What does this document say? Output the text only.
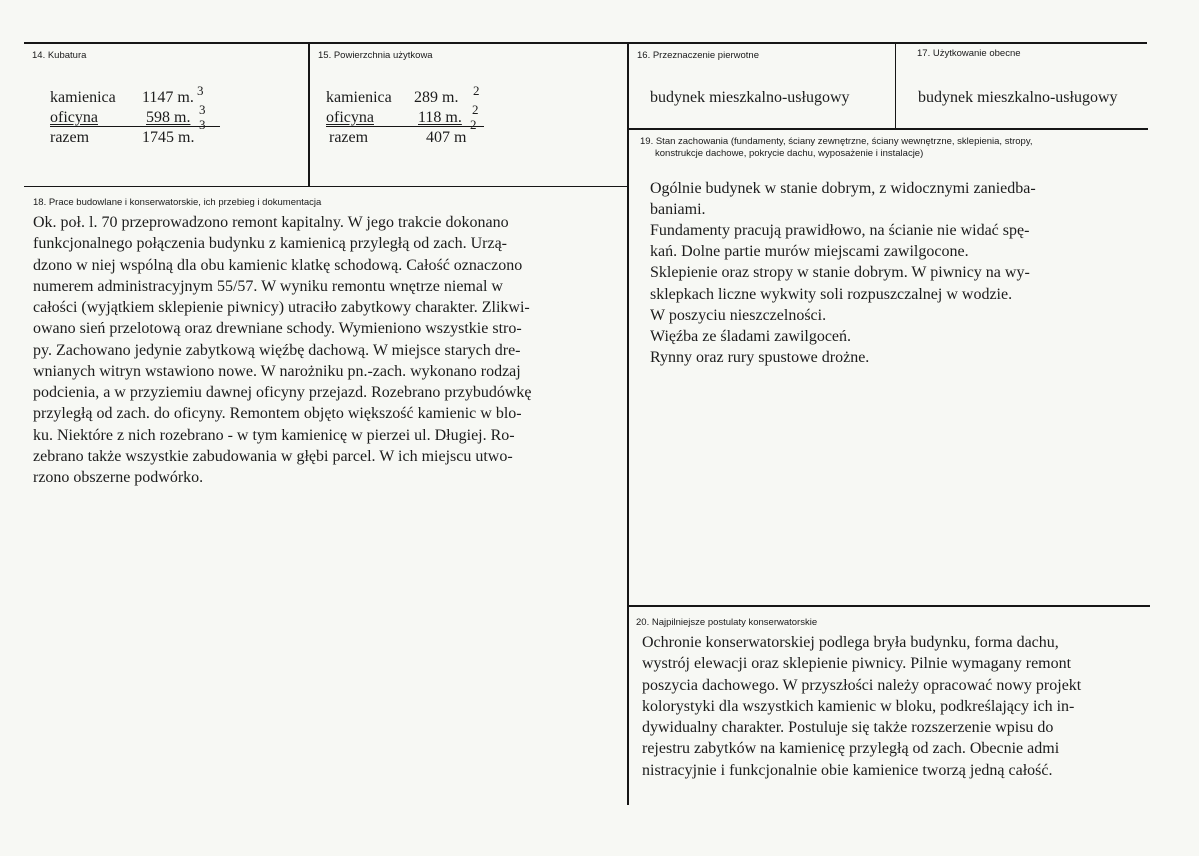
14. Kubatura
kamienica 1147 m. 3
oficyna	598 m. 3
razem	1745 m.
3
15. Powierzchnia użytkowa
kamienica 289 m. 2
oficyna	118 m. 2
razem	407 m
2
16. Przeznaczenie pierwotne
budynek mieszkalno-usługowy
17. Użytkowanie obecne
budynek mieszkalno-usługowy
18. Prace budowlane i konserwatorskie, ich przebieg i dokumentacja
Ok. poł. l. 70 przeprowadzono remont kapitalny. W jego trakcie dokonano
funkcjonalnego połączenia budynku z kamienicą przyległą od zach. Urzą-
dzono w niej wspólną dla obu kamienic klatkę schodową. Całość oznaczono
numerem administracyjnym 55/57. W wyniku remontu wnętrze niemal w
całości (wyjątkiem sklepienie piwnicy) utraciło zabytkowy charakter. Zlikwi-
owano sień przelotową oraz drewniane schody. Wymieniono wszystkie stro-
py. Zachowano jedynie zabytkową więźbę dachową. W miejsce starych dre-
wnianych witryn wstawiono nowe. W narożniku pn.-zach. wykonano rodzaj
podcienia, a w przyziemiu dawnej oficyny przejazd. Rozebrano przybudówkę
przyległą od zach. do oficyny. Remontem objęto większość kamienic w blo-
ku. Niektóre z nich rozebrano - w tym kamienicę w pierzei ul. Długiej. Ro-
zebrano także wszystkie zabudowania w głębi parcel. W ich miejscu utwo-
rzono obszerne podwórko.
19. Stan zachowania (fundamenty, ściany zewnętrzne, ściany wewnętrzne, sklepienia, stropy,
konstrukcje dachowe, pokrycie dachu, wyposażenie i instalacje)
Ogólnie budynek w stanie dobrym, z widocznymi zaniedba-
baniami.
Fundamenty pracują prawidłowo, na ścianie nie widać spę-
kań. Dolne partie murów miejscami zawilgocone.
Sklepienie oraz stropy w stanie dobrym. W piwnicy na wy-
sklepkach liczne wykwity soli rozpuszczalnej w wodzie.
W poszyciu nieszczelności.
Więźba ze śladami zawilgoceń.
Rynny oraz rury spustowe drożne.
20. Najpilniejsze postulaty konserwatorskie
Ochronie konserwatorskiej podlega bryła budynku, forma dachu,
wystrój elewacji oraz sklepienie piwnicy. Pilnie wymagany remont
poszycia dachowego. W przyszłości należy opracować nowy projekt
kolorystyki dla wszystkich kamienic w bloku, podkreślający ich in-
dywidualny charakter. Postuluje się także rozszerzenie wpisu do
rejestru zabytków na kamienicę przyległą od zach. Obecnie admi
nistracyjnie i funkcjonalnie obie kamienice tworzą jedną całość.
